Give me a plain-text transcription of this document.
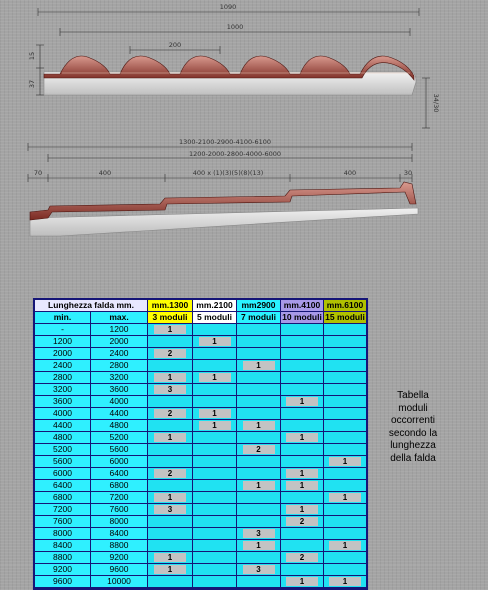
1090
1000
200
15
37
34/30
1300-2100-2900-4100-6100
1200-2000-2800-4000-6000
70	400	400 x (1)(3)(5)(8)(13)	400	30
Lunghezza falda mm.		mm.1300	mm.2100	mm2900	mm.4100	mm.6100
min.	max.	3 moduli	5 moduli	7 moduli	10 moduli	15 moduli
-	1200	1				
1200	2000		1			
2000	2400	2				
2400	2800			1		
2800	3200	1	1			
3200	3600	3				
3600	4000				1	
4000	4400	2	1			
4400	4800		1	1		
4800	5200	1			1	
5200	5600			2		
5600	6000					1
6000	6400	2			1	
6400	6800			1	1	
6800	7200	1				1
7200	7600	3			1	
7600	8000				2	
8000	8400			3		
8400	8800			1		1
8800	9200	1			2	
9200	9600	1		3		
9600	10000				1	1
Tabella
moduli
occorrenti
secondo la
lunghezza
della falda
